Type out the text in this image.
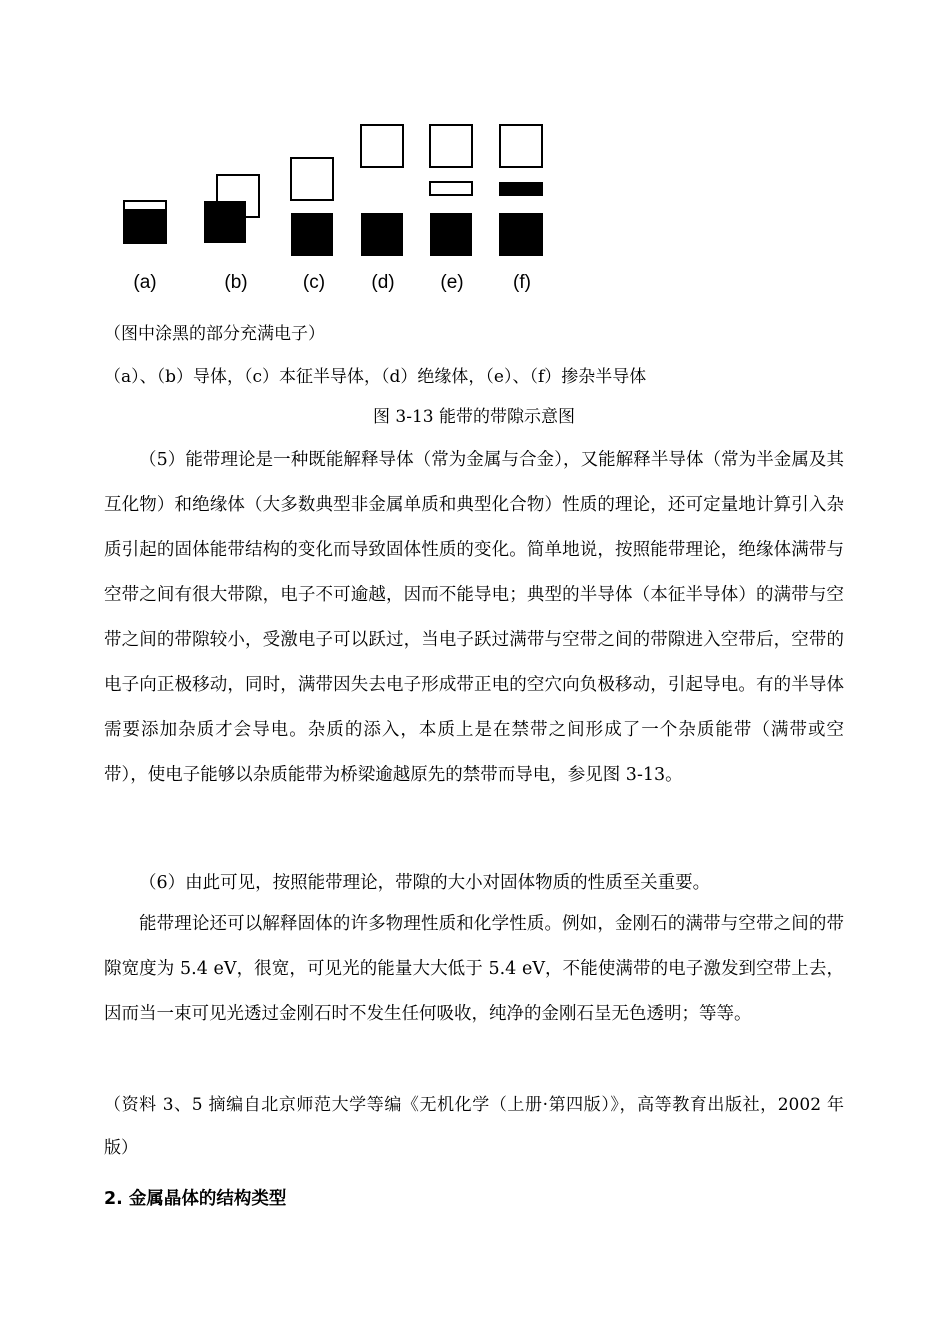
(a)	(b)	(c) (d) (e)	(f)
（图中涂黑的部分充满电子）
（a）、（b）导体，（c）本征半导体，（d）绝缘体，（e）、（f）掺杂半导体
图 3-13 能带的带隙示意图
（5）能带理论是一种既能解释导体（常为金属与合金），又能解释半导体（常为半金属及其互化物）和绝缘体（大多数典型非金属单质和典型化合物）性质的理论，还可定量地计算引入杂质引起的固体能带结构的变化而导致固体性质的变化。简单地说，按照能带理论，绝缘体满带与空带之间有很大带隙，电子不可逾越，因而不能导电；典型的半导体（本征半导体）的满带与空带之间的带隙较小，受激电子可以跃过，当电子跃过满带与空带之间的带隙进入空带后，空带的电子向正极移动，同时，满带因失去电子形成带正电的空穴向负极移动，引起导电。有的半导体需要添加杂质才会导电。杂质的添入，本质上是在禁带之间形成了一个杂质能带（满带或空带），使电子能够以杂质能带为桥梁逾越原先的禁带而导电，参见图 3-13。
（6）由此可见，按照能带理论，带隙的大小对固体物质的性质至关重要。
能带理论还可以解释固体的许多物理性质和化学性质。例如，金刚石的满带与空带之间的带隙宽度为 5.4 eV，很宽，可见光的能量大大低于 5.4 eV，不能使满带的电子激发到空带上去，因而当一束可见光透过金刚石时不发生任何吸收，纯净的金刚石呈无色透明；等等。
（资料 3、5 摘编自北京师范大学等编《无机化学（上册·第四版）》，高等教育出版社，2002 年版）
2. 金属晶体的结构类型
